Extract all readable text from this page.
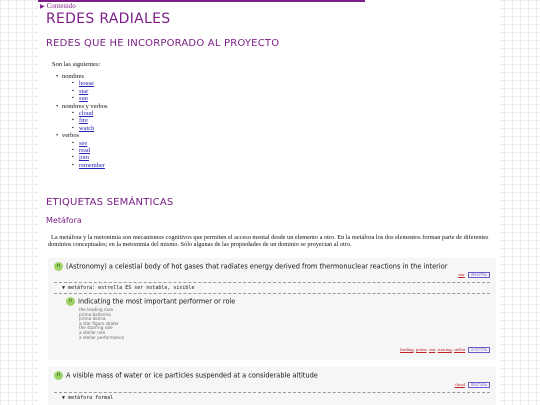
▶ Contenido
REDES RADIALES
REDES QUE HE INCORPORADO AL PROYECTO
Son las siguientes:
• nombres
▪ house
▪ star
▪ sun
• nombres y verbos
▪ cloud
▪ fire
▪ watch
• verbos
▪ see
▪ read
▪ join
▪ remember
ETIQUETAS SEMÁNTICAS
Metáfora

La metáfora y la metonimia son mecanismos cognitivos que permiten el acceso mental desde un elemento a otro. En la metáfora los dos elementos forman parte de diferentes dominios conceptuales; en la metonimia del mismo. Sólo algunas de las propiedades de un dominio se proyectan al otro.

n (Astronomy) a celestial body of hot gases that radiates energy derived from thermonuclear reactions in the interior
star 09444783n
▼ metáfora: estrella ES ser notable, visible
n Indicating the most important performer or role
the leading man
prima ballerina
prima donna
a star figure skater
the starring role
a stellar role
a stellar performance
leading, prima, star, starring, stellar 01517576s
n A visible mass of water or ice particles suspended at a considerable altitude
cloud 09247410n
▼ metáfora formal
